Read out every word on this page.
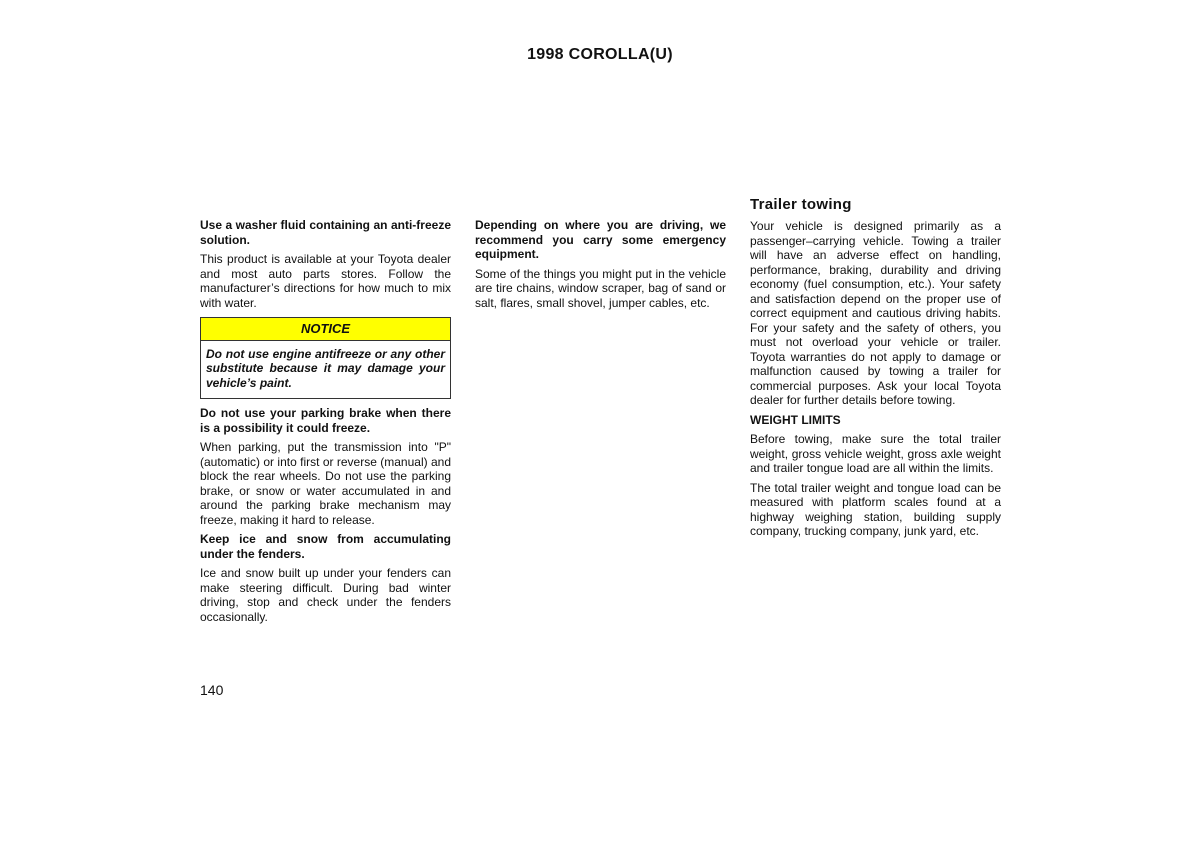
1998 COROLLA(U)

Use a washer fluid containing an anti-freeze solution.

This product is available at your Toyota dealer and most auto parts stores. Follow the manufacturer’s directions for how much to mix with water.

NOTICE
Do not use engine antifreeze or any other substitute because it may damage your vehicle’s paint.

Do not use your parking brake when there is a possibility it could freeze.

When parking, put the transmission into "P" (automatic) or into first or reverse (manual) and block the rear wheels. Do not use the parking brake, or snow or water accumulated in and around the parking brake mechanism may freeze, making it hard to release.

Keep ice and snow from accumulating under the fenders.

Ice and snow built up under your fenders can make steering difficult. During bad winter driving, stop and check under the fenders occasionally.

Depending on where you are driving, we recommend you carry some emergency equipment.

Some of the things you might put in the vehicle are tire chains, window scraper, bag of sand or salt, flares, small shovel, jumper cables, etc.

Trailer towing

Your vehicle is designed primarily as a passenger–carrying vehicle. Towing a trailer will have an adverse effect on handling, performance, braking, durability and driving economy (fuel consumption, etc.). Your safety and satisfaction depend on the proper use of correct equipment and cautious driving habits. For your safety and the safety of others, you must not overload your vehicle or trailer. Toyota warranties do not apply to damage or malfunction caused by towing a trailer for commercial purposes. Ask your local Toyota dealer for further details before towing.

WEIGHT LIMITS

Before towing, make sure the total trailer weight, gross vehicle weight, gross axle weight and trailer tongue load are all within the limits.

The total trailer weight and tongue load can be measured with platform scales found at a highway weighing station, building supply company, trucking company, junk yard, etc.

140
